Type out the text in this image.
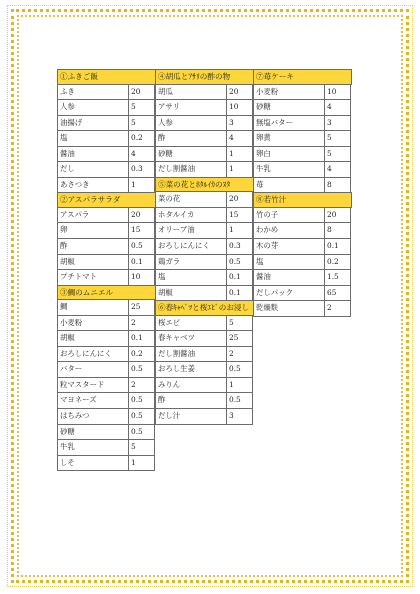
①ふきご飯
ふき	20
人参	5
油揚げ	5
塩	0.2
醤油	4
だし	0.3
あさつき	1
②アスパラサラダ
アスパラ	20
卵	15
酢	0.5
胡椒	0.1
プチトマト	10
③鯛のムニエル
鯛	25
小麦粉	2
胡椒	0.1
おろしにんにく	0.2
バター	0.5
粒マスタード	2
マヨネーズ	0.5
はちみつ	0.5
砂糖	0.5
牛乳	5
しそ	1
④胡瓜とｱｻﾘの酢の物
胡瓜	20
アサリ	10
人参	3
酢	4
砂糖	1
だし割醤油	1
⑤菜の花とﾎﾀﾙｲｶのﾇﾀ
菜の花	20
ホタルイカ	15
オリーブ油	1
おろしにんにく	0.3
鶏ガラ	0.5
塩	0.1
胡椒	0.1
⑥春ｷｬﾍﾞﾂと桜ｴﾋﾞのお浸し
桜エビ	5
春キャベツ	25
だし割醤油	2
おろし生姜	0.5
みりん	1
酢	0.5
だし汁	3
⑦苺ケーキ
小麦粉	10
砂糖	4
無塩バター	3
卵黄	5
卵白	5
牛乳	4
苺	8
⑧若竹汁
竹の子	20
わかめ	8
木の芽	0.1
塩	0.2
醤油	1.5
だしパック	65
乾燥麩	2
